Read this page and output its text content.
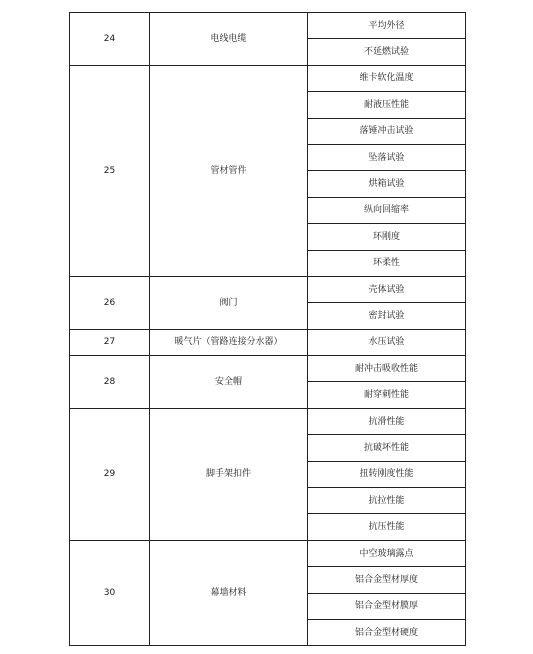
24	电线电缆	平均外径
		不延燃试验
25	管材管件	维卡软化温度
		耐液压性能
		落锤冲击试验
		坠落试验
		烘箱试验
		纵向回缩率
		环刚度
		环柔性
26	阀门	壳体试验
		密封试验
27	暖气片（管路连接分水器）	水压试验
28	安全帽	耐冲击吸收性能
		耐穿刺性能
29	脚手架扣件	抗滑性能
		抗破坏性能
		扭转刚度性能
		抗拉性能
		抗压性能
30	幕墙材料	中空玻璃露点
		铝合金型材厚度
		铝合金型材膜厚
		铝合金型材硬度
